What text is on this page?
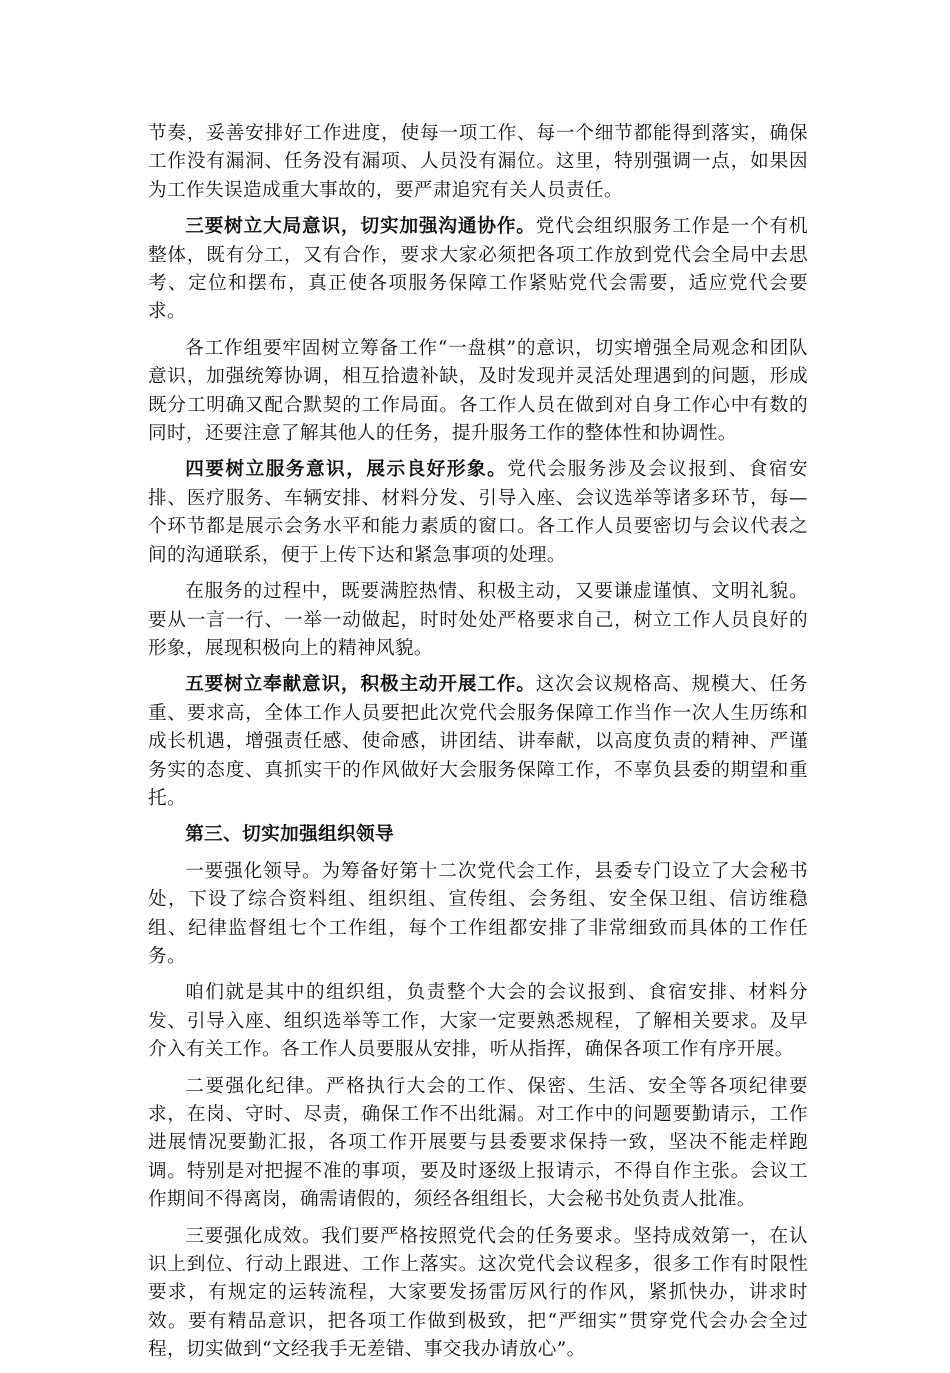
节奏，妥善安排好工作进度，使每一项工作、每一个细节都能得到落实，确保工作没有漏洞、任务没有漏项、人员没有漏位。这里，特别强调一点，如果因为工作失误造成重大事故的，要严肃追究有关人员责任。

三要树立大局意识，切实加强沟通协作。党代会组织服务工作是一个有机整体，既有分工，又有合作，要求大家必须把各项工作放到党代会全局中去思考、定位和摆布，真正使各项服务保障工作紧贴党代会需要，适应党代会要求。

各工作组要牢固树立筹备工作“一盘棋”的意识，切实增强全局观念和团队意识，加强统筹协调，相互拾遗补缺，及时发现并灵活处理遇到的问题，形成既分工明确又配合默契的工作局面。各工作人员在做到对自身工作心中有数的同时，还要注意了解其他人的任务，提升服务工作的整体性和协调性。

四要树立服务意识，展示良好形象。党代会服务涉及会议报到、食宿安排、医疗服务、车辆安排、材料分发、引导入座、会议选举等诸多环节，每—个环节都是展示会务水平和能力素质的窗口。各工作人员要密切与会议代表之间的沟通联系，便于上传下达和紧急事项的处理。

在服务的过程中，既要满腔热情、积极主动，又要谦虚谨慎、文明礼貌。要从一言一行、一举一动做起，时时处处严格要求自己，树立工作人员良好的形象，展现积极向上的精神风貌。

五要树立奉献意识，积极主动开展工作。这次会议规格高、规模大、任务重、要求高，全体工作人员要把此次党代会服务保障工作当作一次人生历练和成长机遇，增强责任感、使命感，讲团结、讲奉献，以高度负责的精神、严谨务实的态度、真抓实干的作风做好大会服务保障工作，不辜负县委的期望和重托。

第三、切实加强组织领导

一要强化领导。为筹备好第十二次党代会工作，县委专门设立了大会秘书处，下设了综合资料组、组织组、宣传组、会务组、安全保卫组、信访维稳组、纪律监督组七个工作组，每个工作组都安排了非常细致而具体的工作任务。

咱们就是其中的组织组，负责整个大会的会议报到、食宿安排、材料分发、引导入座、组织选举等工作，大家一定要熟悉规程，了解相关要求。及早介入有关工作。各工作人员要服从安排，听从指挥，确保各项工作有序开展。

二要强化纪律。严格执行大会的工作、保密、生活、安全等各项纪律要求，在岗、守时、尽责，确保工作不出纰漏。对工作中的问题要勤请示，工作进展情况要勤汇报，各项工作开展要与县委要求保持一致，坚决不能走样跑调。特别是对把握不准的事项，要及时逐级上报请示，不得自作主张。会议工作期间不得离岗，确需请假的，须经各组组长，大会秘书处负责人批准。

三要强化成效。我们要严格按照党代会的任务要求。坚持成效第一，在认识上到位、行动上跟进、工作上落实。这次党代会议程多，很多工作有时限性要求，有规定的运转流程，大家要发扬雷厉风行的作风，紧抓快办，讲求时效。要有精品意识，把各项工作做到极致，把“严细实”贯穿党代会办会全过程，切实做到“文经我手无差错、事交我办请放心”。
